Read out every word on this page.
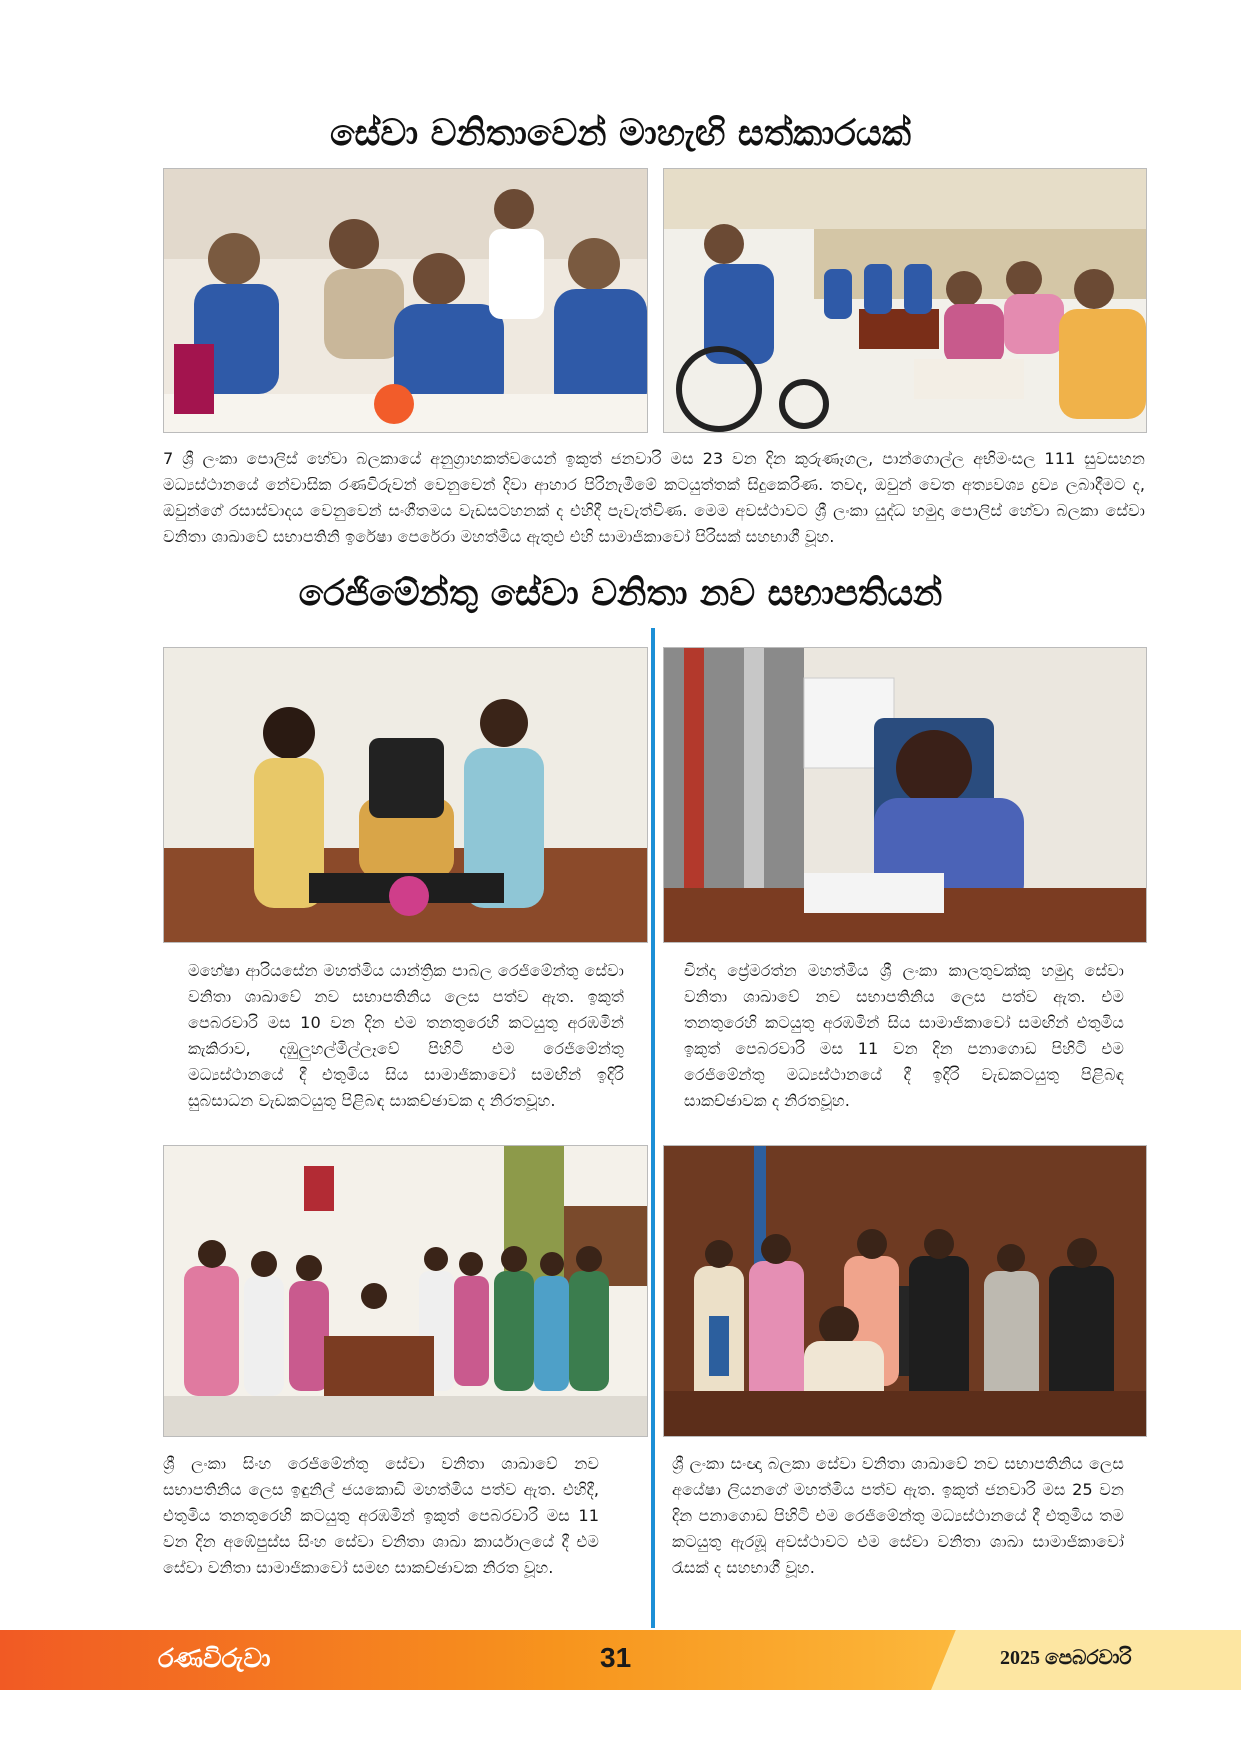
සේවා වනිතාවෙන් මාහැඟි සත්කාරයක්

7 ශ්‍රී ලංකා පොලිස් හේවා බලකායේ අනුග්‍රාහකත්වයෙන් ඉකුත් ජනවාරි මස 23 වන දින කුරුණෑගල, පාන්ගොල්ල අභිමංසල 111 සුවසහන මධ්‍යස්ථානයේ නේවාසික රණවිරුවන් වෙනුවෙන් දිවා ආහාර පිරිනැමීමේ කටයුත්තක් සිදුකෙරිණ. තවද, ඔවුන් වෙත අත්‍යවශ්‍ය ද්‍රව්‍ය ලබාදීමට ද, ඔවුන්ගේ රසාස්වාදය වෙනුවෙන් සංගීතමය වැඩසටහනක් ද එහිදී පැවැත්විණ. මෙම අවස්ථාවට ශ්‍රී ලංකා යුද්ධ හමුදා පොලිස් හේවා බලකා සේවා වනිතා ශාඛාවේ සභාපතිනි ඉරේෂා පෙරේරා මහත්මිය ඇතුළු එහි සාමාජිකාවෝ පිරිසක් සහභාගී වූහ.

රෙජිමේන්තු සේවා වනිතා නව සභාපතියන්

මහේෂා ආරියසේන මහත්මිය යාන්ත්‍රික පාබල රෙජිමේන්තු සේවා වනිතා ශාඛාවේ නව සභාපතිනිය ලෙස පත්ව ඇත. ඉකුත් පෙබරවාරි මස 10 වන දින එම තනතුරෙහි කටයුතු අරඹමින් කැකිරාව, දඹුලුහල්මිල්ලෑවේ පිහිටි එම රෙජිමේන්තු මධ්‍යස්ථානයේ දී එතුමිය සිය සාමාජිකාවෝ සමඟින් ඉදිරි සුබසාධන වැඩකටයුතු පිළිබඳ සාකච්ඡාවක ද නිරතවූහ.

චින්දා ප්‍රේමරත්න මහත්මිය ශ්‍රී ලංකා කාලතුවක්කු හමුදා සේවා වනිතා ශාඛාවේ නව සභාපතිනිය ලෙස පත්ව ඇත. එම තනතුරෙහි කටයුතු අරඹමින් සිය සාමාජිකාවෝ සමඟින් එතුමිය ඉකුත් පෙබරවාරි මස 11 වන දින පනාගොඩ පිහිටි එම රෙජිමේන්තු මධ්‍යස්ථානයේ දී ඉදිරි වැඩකටයුතු පිළිබඳ සාකච්ඡාවක ද නිරතවූහ.

ශ්‍රී ලංකා සිංහ රෙජිමේන්තු සේවා වනිතා ශාඛාවේ නව සභාපතිනිය ලෙස ඉඳුනිල් ජයකොඩි මහත්මිය පත්ව ඇත. එහිදී, එතුමිය තනතුරෙහි කටයුතු අරඹමින් ඉකුත් පෙබරවාරි මස 11 වන දින අඹේපුස්ස සිංහ සේවා වනිතා ශාඛා කාර්යාලයේ දී එම සේවා වනිතා සාමාජිකාවෝ සමඟ සාකච්ඡාවක නිරත වූහ.

ශ්‍රී ලංකා සංඥා බලකා සේවා වනිතා ශාඛාවේ නව සභාපතිනිය ලෙස අයේෂා ලියනගේ මහත්මිය පත්ව ඇත. ඉකුත් ජනවාරි මස 25 වන දින පනාගොඩ පිහිටි එම රෙජිමේන්තු මධ්‍යස්ථානයේ දී එතුමිය තම කටයුතු ඇරඹූ අවස්ථාවට එම සේවා වනිතා ශාඛා සාමාජිකාවෝ රැසක් ද සහභාගී වූහ.

රණවිරුවා	31	2025 පෙබරවාරි
